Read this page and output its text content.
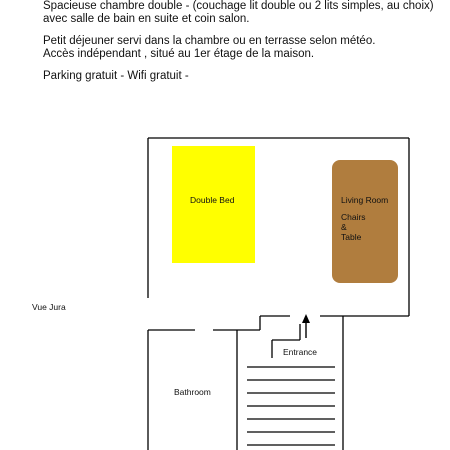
Spacieuse chambre double - (couchage lit double ou 2 lits simples, au choix)

avec salle de bain en suite et coin salon.

Petit déjeuner servi dans la chambre ou en terrasse selon météo.

Accès indépendant , situé au 1er étage de la maison.

Parking gratuit - Wifi gratuit -

Double Bed	Living Room
Chairs
&
Table
Vue Jura
Entrance
Bathroom
